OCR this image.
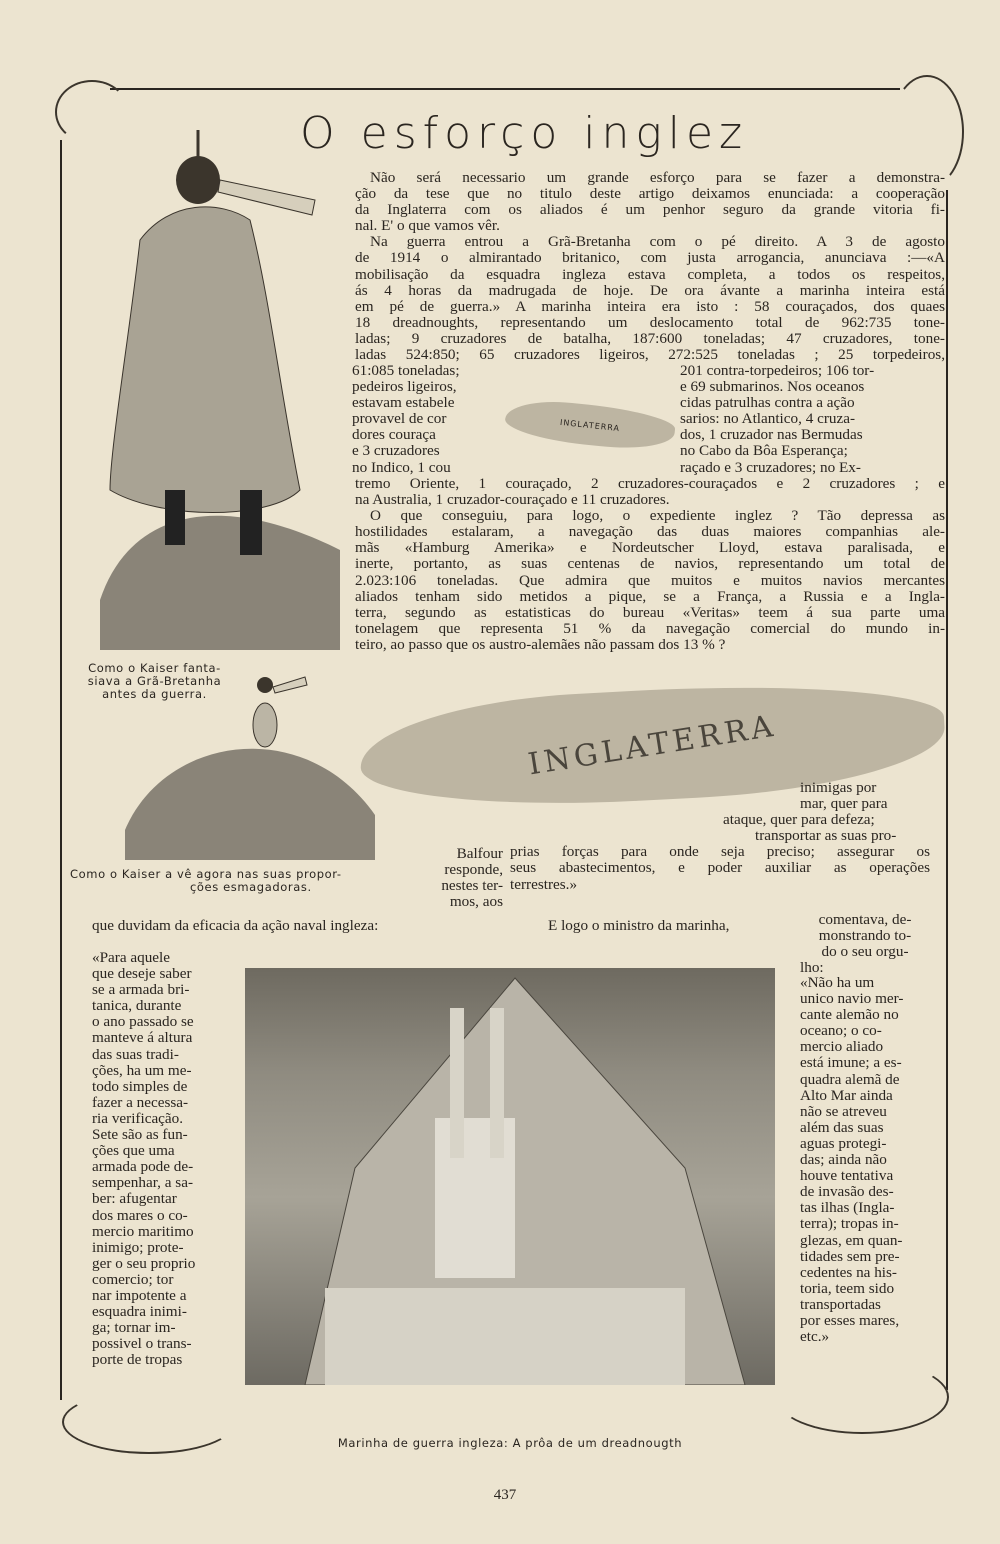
O esforço inglez
Como o Kaiser fanta-
siava a Grã-Bretanha
antes da guerra.
Como o Kaiser a vê agora nas suas propor-
ções esmagadoras.
Não será necessario um grande esforço para se fazer a demonstra-
ção da tese que no titulo deste artigo deixamos enunciada: a cooperação
da Inglaterra com os aliados é um penhor seguro da grande vitoria fi-
nal. E' o que vamos vêr.
Na guerra entrou a Grã-Bretanha com o pé direito. A 3 de agosto
de 1914 o almirantado britanico, com justa arrogancia, anunciava :—«A
mobilisação da esquadra ingleza estava completa, a todos os respeitos,
ás 4 horas da madrugada de hoje. De ora ávante a marinha inteira está
em pé de guerra.» A marinha inteira era isto : 58 couraçados, dos quaes
18 dreadnoughts, representando um deslocamento total de 962:735 tone-
ladas; 9 cruzadores de batalha, 187:600 toneladas; 47 cruzadores, tone-
ladas 524:850; 65 cruzadores ligeiros, 272:525 toneladas ; 25 torpedeiros,
61:085 toneladas;
pedeiros ligeiros,
estavam estabele
provavel de cor
dores couraça
e 3 cruzadores
no Indico, 1 cou
INGLATERRA
201 contra-torpedeiros; 106 tor-
e 69 submarinos. Nos oceanos
cidas patrulhas contra a ação
sarios: no Atlantico, 4 cruza-
dos, 1 cruzador nas Bermudas
no Cabo da Bôa Esperança;
raçado e 3 cruzadores; no Ex-
tremo Oriente, 1 couraçado, 2 cruzadores-couraçados e 2 cruzadores ; e
na Australia, 1 cruzador-couraçado e 11 cruzadores.
O que conseguiu, para logo, o expediente inglez ? Tão depressa as
hostilidades estalaram, a navegação das duas maiores companhias ale-
mãs «Hamburg Amerika» e Nordeutscher Lloyd, estava paralisada, e
inerte, portanto, as suas centenas de navios, representando um total de
2.023:106 toneladas. Que admira que muitos e muitos navios mercantes
aliados tenham sido metidos a pique, se a França, a Russia e a Ingla-
terra, segundo as estatisticas do bureau «Veritas» teem á sua parte uma
tonelagem que representa 51 % da navegação comercial do mundo in-
teiro, ao passo que os austro-alemães não passam dos 13 % ?
INGLATERRA
inimigas por
mar, quer para
ataque, quer para defeza;
transportar as suas pro-
prias forças para onde seja preciso; assegurar os
seus abastecimentos, e poder auxiliar as operações
terrestres.»
Balfour
responde,
nestes ter-
mos, aos
que duvidam da eficacia da ação naval ingleza:	E logo o ministro da marinha,	comentava, de-
monstrando to-
do o seu orgu-
lho:
«Para aquele
que deseje saber
se a armada bri-
tanica, durante
o ano passado se
manteve á altura
das suas tradi-
ções, ha um me-
todo simples de
fazer a necessa-
ria verificação.
Sete são as fun-
ções que uma
armada pode de-
sempenhar, a sa-
ber: afugentar
dos mares o co-
mercio maritimo
inimigo; prote-
ger o seu proprio
comercio; tor
nar impotente a
esquadra inimi-
ga; tornar im-
possivel o trans-
porte de tropas
«Não ha um
unico navio mer-
cante alemão no
oceano; o co-
mercio aliado
está imune; a es-
quadra alemã de
Alto Mar ainda
não se atreveu
além das suas
aguas protegi-
das; ainda não
houve tentativa
de invasão des-
tas ilhas (Ingla-
terra); tropas in-
glezas, em quan-
tidades sem pre-
cedentes na his-
toria, teem sido
transportadas
por esses mares,
etc.»
Marinha de guerra ingleza: A prôa de um dreadnougth
437
